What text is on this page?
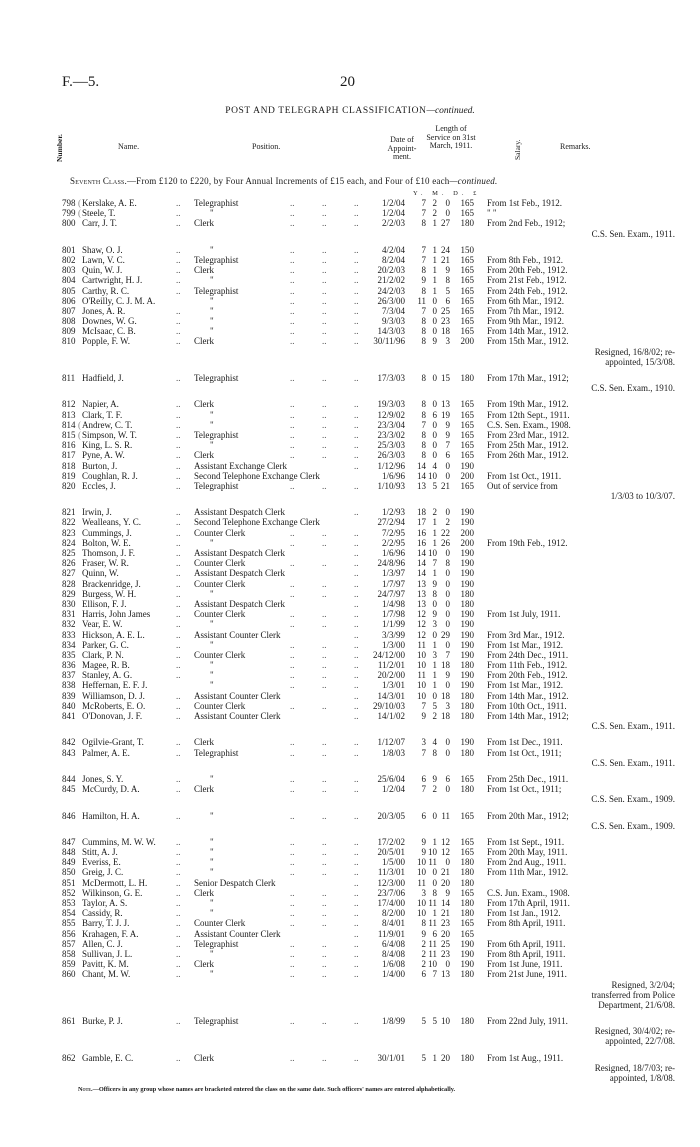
F.—5.	20
POST AND TELEGRAPH CLASSIFICATION—continued.
Number.	Name.	Position.
Date of Appoint-ment.
Length of Service on 31st March, 1911.	Salary.	Remarks.
Seventh Class.—From £120 to £220, by Four Annual Increments of £15 each, and Four of £10 each—continued.
Y. M. D. £
798 ( Kerslake, A. E.	.. Telegraphist	..	..	..	1/2/04 7 2 0 165 From 1st Feb., 1912.
799 ( Steele, T.	..	"	..	..	..	1/2/04 7 2 0 165 " "
800 Carr, J. T.	.. Clerk	..	..	..	2/2/03 8 1 27 180 From 2nd Feb., 1912;
C.S. Sen. Exam., 1911.
801 Shaw, O. J.	..	"	..	..	..	4/2/04 7 1 24 150
802 Lawn, V. C.	.. Telegraphist	..	..	..	8/2/04 7 1 21 165 From 8th Feb., 1912.
803 Quin, W. J.	.. Clerk	..	..	.. 20/2/03 8 1 9 165 From 20th Feb., 1912.
804 Cartwright, H. J.	..	"	..	..	.. 21/2/02 9 1 8 165 From 21st Feb., 1912.
805 Carthy, R. C.	.. Telegraphist	..	..	.. 24/2/03 8 1 5 165 From 24th Feb., 1912.
806 O'Reilly, C. J. M. A.	"	..	..	.. 26/3/00 11 0 6 165 From 6th Mar., 1912.
807 Jones, A. R.	..	"	..	..	..	7/3/04 7 0 25 165 From 7th Mar., 1912.
808 Downes, W. G.	..	"	..	..	..	9/3/03 8 0 23 165 From 9th Mar., 1912.
809 McIsaac, C. B.	..	"	..	..	.. 14/3/03 8 0 18 165 From 14th Mar., 1912.
810 Popple, F. W.	.. Clerk	..	..	.. 30/11/96 8 9 3 200 From 15th Mar., 1912.
Resigned, 16/8/02; re-
appointed, 15/3/08.
811 Hadfield, J.	.. Telegraphist	..	..	.. 17/3/03 8 0 15 180 From 17th Mar., 1912;
C.S. Sen. Exam., 1910.
812 Napier, A.	.. Clerk	..	..	.. 19/3/03 8 0 13 165 From 19th Mar., 1912.
813 Clark, T. F.	..	"	..	..	.. 12/9/02 8 6 19 165 From 12th Sept., 1911.
814 ( Andrew, C. T.	..	"	..	..	.. 23/3/04 7 0 9 165 C.S. Sen. Exam., 1908.
815 ( Simpson, W. T.	.. Telegraphist	..	..	.. 23/3/02 8 0 9 165 From 23rd Mar., 1912.
816 King, L. S. R.	..	"	..	..	.. 25/3/03 8 0 7 165 From 25th Mar., 1912.
817 Pyne, A. W.	.. Clerk	..	..	.. 26/3/03 8 0 6 165 From 26th Mar., 1912.
818 Burton, J.	.. Assistant Exchange Clerk	.. 1/12/96 14 4 0 190
819 Coughlan, R. J.	.. Second Telephone Exchange Clerk	1/6/96 14 10 0 200 From 1st Oct., 1911.
820 Eccles, J.	.. Telegraphist	..	..	.. 1/10/93 13 5 21 165 Out of service from
1/3/03 to 10/3/07.
821 Irwin, J.	.. Assistant Despatch Clerk	..	1/2/93 18 2 0 190
822 Wealleans, Y. C.	.. Second Telephone Exchange Clerk	27/2/94 17 1 2 190
823 Cummings, J.	.. Counter Clerk	..	..	..	7/2/95 16 1 22 200
824 Bolton, W. E.	..	"	..	..	..	2/2/95 16 1 26 200 From 19th Feb., 1912.
825 Thomson, J. F.	.. Assistant Despatch Clerk	..	1/6/96 14 10 0 190
826 Fraser, W. R.	.. Counter Clerk	..	..	.. 24/8/96 14 7 8 190
827 Quinn, W.	.. Assistant Despatch Clerk	..	1/3/97 14 1 0 190
828 Brackenridge, J.	.. Counter Clerk	..	..	..	1/7/97 13 9 0 190
829 Burgess, W. H.	..	"	..	..	.. 24/7/97 13 8 0 180
830 Ellison, F. J.	.. Assistant Despatch Clerk	..	1/4/98 13 0 0 180
831 Harris, John James	.. Counter Clerk	..	..	..	1/7/98 12 9 0 190 From 1st July, 1911.
832 Vear, E. W.	..	"	..	..	..	1/1/99 12 3 0 190
833 Hickson, A. E. L.	.. Assistant Counter Clerk	..	3/3/99 12 0 29 190 From 3rd Mar., 1912.
834 Parker, G. C.	..	"	..	..	..	1/3/00 11 1 0 190 From 1st Mar., 1912.
835 Clark, P. N.	.. Counter Clerk	..	..	.. 24/12/00 10 3 7 190 From 24th Dec., 1911.
836 Magee, R. B.	..	"	..	..	.. 11/2/01 10 1 18 180 From 11th Feb., 1912.
837 Stanley, A. G.	..	"	..	..	.. 20/2/00 11 1 9 190 From 20th Feb., 1912.
838 Heffernan, E. F. J.	"	..	..	..	1/3/01 10 1 0 190 From 1st Mar., 1912.
839 Williamson, D. J.	.. Assistant Counter Clerk	.. 14/3/01 10 0 18 180 From 14th Mar., 1912.
840 McRoberts, E. O.	.. Counter Clerk	..	..	.. 29/10/03 7 5 3 180 From 10th Oct., 1911.
841 O'Donovan, J. F.	.. Assistant Counter Clerk	.. 14/1/02 9 2 18 180 From 14th Mar., 1912;
C.S. Sen. Exam., 1911.
842 Ogilvie-Grant, T.	.. Clerk	..	..	.. 1/12/07 3 4 0 190 From 1st Dec., 1911.
843 Palmer, A. E.	.. Telegraphist	..	..	..	1/8/03 7 8 0 180 From 1st Oct., 1911;
C.S. Sen. Exam., 1911.
844 Jones, S. Y.	..	"	..	..	.. 25/6/04 6 9 6 165 From 25th Dec., 1911.
845 McCurdy, D. A.	.. Clerk	..	..	..	1/2/04 7 2 0 180 From 1st Oct., 1911;
C.S. Sen. Exam., 1909.
846 Hamilton, H. A.	..	"	..	..	.. 20/3/05 6 0 11 165 From 20th Mar., 1912;
C.S. Sen. Exam., 1909.
847 Cummins, M. W. W. ..	"	..	..	.. 17/2/02 9 1 12 165 From 1st Sept., 1911.
848 Stitt, A. J.	..	"	..	..	.. 20/5/01 9 10 12 165 From 20th May, 1911.
849 Everiss, E.	..	"	..	..	..	1/5/00 10 11 0 180 From 2nd Aug., 1911.
850 Greig, J. C.	..	"	..	..	.. 11/3/01 10 0 21 180 From 11th Mar., 1912.
851 McDermott, L. H.	.. Senior Despatch Clerk	.. 12/3/00 11 0 20 180
852 Wilkinson, G. E.	.. Clerk	..	..	.. 23/7/06 3 8 9 165 C.S. Jun. Exam., 1908.
853 Taylor, A. S.	..	"	..	..	.. 17/4/00 10 11 14 180 From 17th April, 1911.
854 Cassidy, R.	..	"	..	..	..	8/2/00 10 1 21 180 From 1st Jan., 1912.
855 Barry, T. J. J.	.. Counter Clerk	..	..	..	8/4/01 8 11 23 165 From 8th April, 1911.
856 Krahagen, F. A.	.. Assistant Counter Clerk	.. 11/9/01 9 6 20 165
857 Allen, C. J.	.. Telegraphist	..	..	..	6/4/08 2 11 25 190 From 6th April, 1911.
858 Sullivan, J. L.	..	"	..	..	..	8/4/08 2 11 23 190 From 8th April, 1911.
859 Pavitt, K. M.	.. Clerk	..	..	..	1/6/08 2 10 0 190 From 1st June, 1911.
860 Chant, M. W.	..	"	..	..	..	1/4/00 6 7 13 180 From 21st June, 1911.
Resigned, 3/2/04;
transferred from Police
Department, 21/6/08.
861 Burke, P. J.	.. Telegraphist	..	..	..	1/8/99 5 5 10 180 From 22nd July, 1911.
Resigned, 30/4/02; re-
appointed, 22/7/08.
862 Gamble, E. C.	.. Clerk	..	..	.. 30/1/01 5 1 20 180 From 1st Aug., 1911.
Resigned, 18/7/03; re-
appointed, 1/8/08.
Note.—Officers in any group whose names are bracketed entered the class on the same date. Such officers' names are entered alphabetically.
